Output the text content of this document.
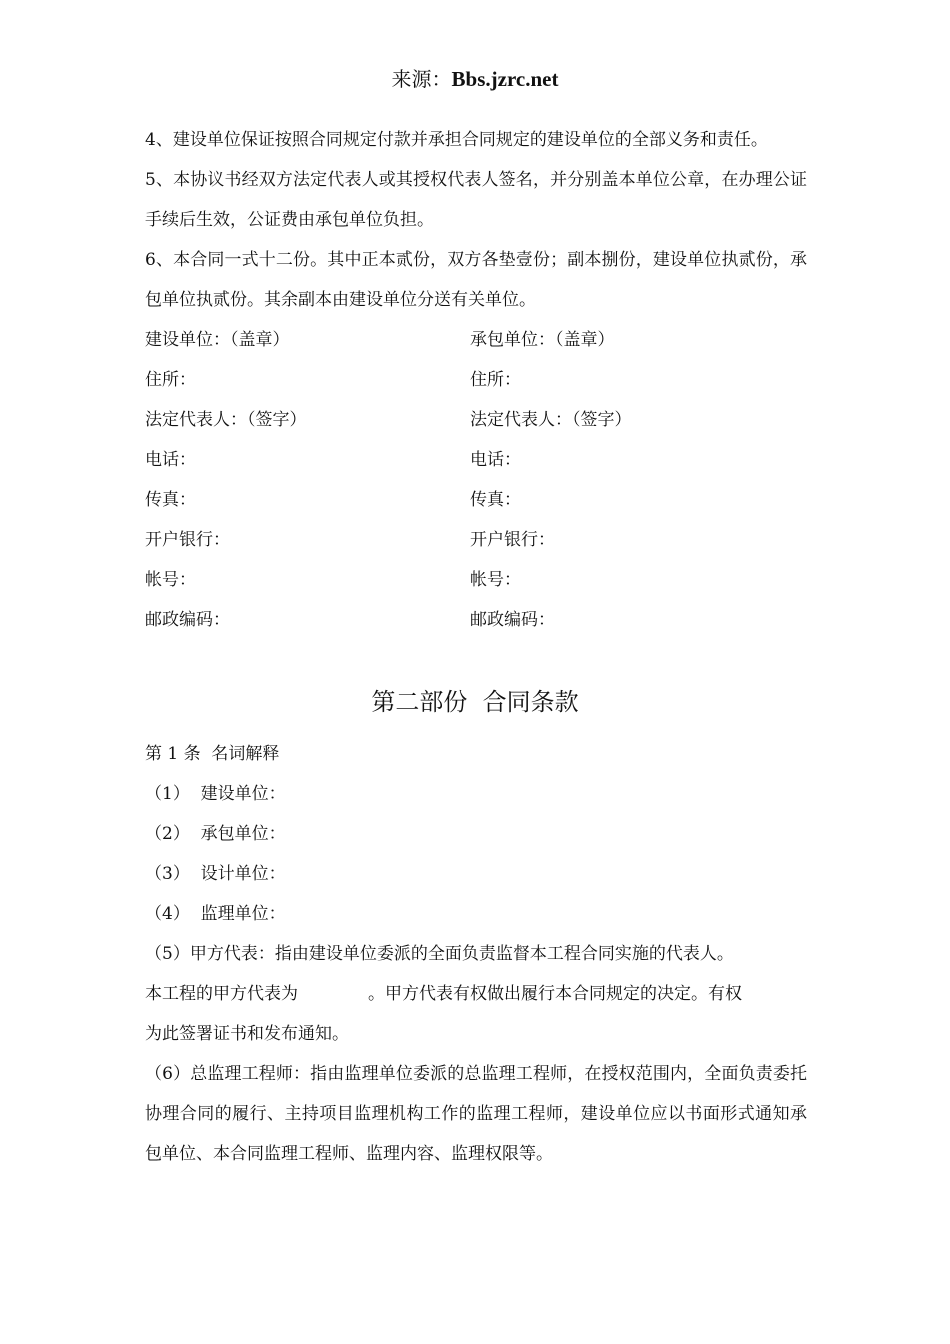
来源：Bbs.jzrc.net

4、建设单位保证按照合同规定付款并承担合同规定的建设单位的全部义务和责任。

5、本协议书经双方法定代表人或其授权代表人签名，并分别盖本单位公章，在办理公证手续后生效，公证费由承包单位负担。

6、本合同一式十二份。其中正本贰份，双方各垫壹份；副本捌份，建设单位执贰份，承包单位执贰份。其余副本由建设单位分送有关单位。

建设单位：（盖章）	承包单位：（盖章）
住所：	住所：
法定代表人：（签字）	法定代表人：（签字）
电话：	电话：
传真：	传真：
开户银行：	开户银行：
帐号：	帐号：
邮政编码：	邮政编码：
第二部份  合同条款

第 1 条  名词解释

（1）  建设单位：

（2）  承包单位：

（3）  设计单位：

（4）  监理单位：

（5）甲方代表：指由建设单位委派的全面负责监督本工程合同实施的代表人。
本工程的甲方代表为	。甲方代表有权做出履行本合同规定的决定。有权
为此签署证书和发布通知。

（6）总监理工程师：指由监理单位委派的总监理工程师，在授权范围内，全面负责委托协理合同的履行、主持项目监理机构工作的监理工程师，建设单位应以书面形式通知承包单位、本合同监理工程师、监理内容、监理权限等。
